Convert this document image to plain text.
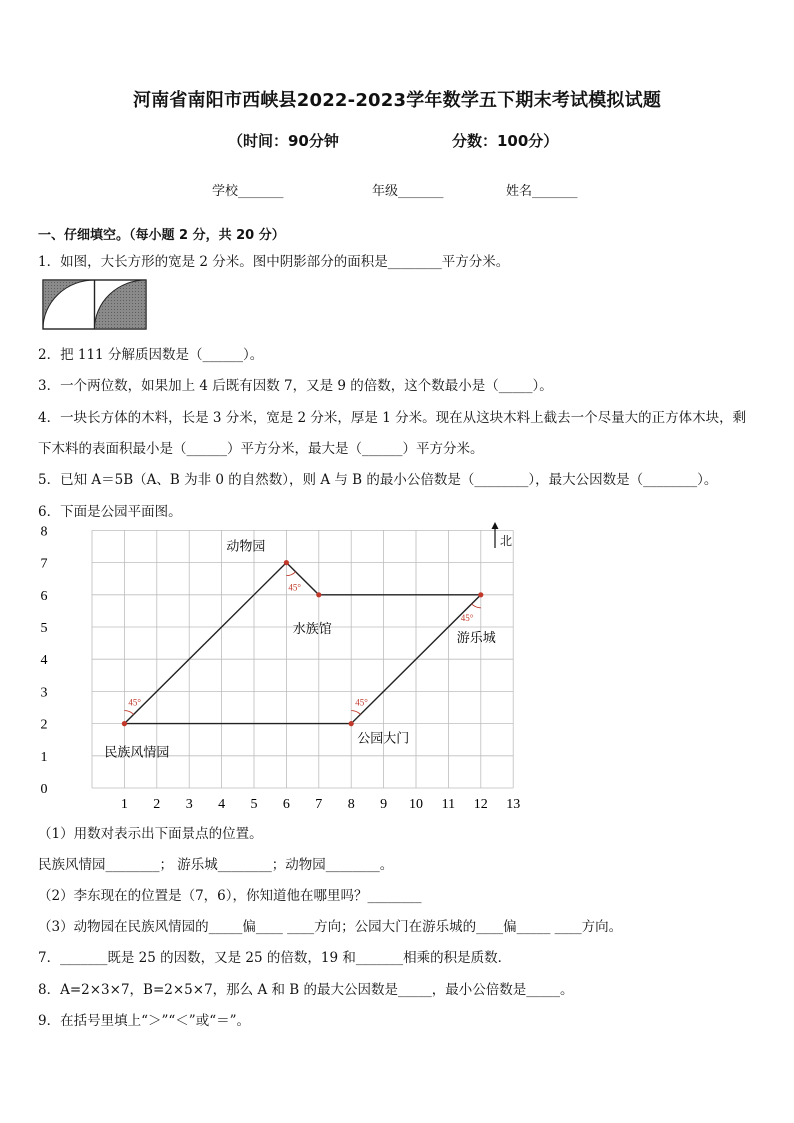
河南省南阳市西峡县2022-2023学年数学五下期末考试模拟试题
（时间：90分钟	分数：100分）
学校_______	年级_______	姓名_______
一、仔细填空。（每小题 2 分，共 20 分）
1．如图，大长方形的宽是 2 分米。图中阴影部分的面积是________平方分米。
2．把 111 分解质因数是（______）。
3．一个两位数，如果加上 4 后既有因数 7，又是 9 的倍数，这个数最小是（_____）。
4．一块长方体的木料，长是 3 分米，宽是 2 分米，厚是 1 分米。现在从这块木料上截去一个尽量大的正方体木块，剩
下木料的表面积最小是（______）平方分米，最大是（______）平方分米。
5．已知 A＝5B（A、B 为非 0 的自然数），则 A 与 B 的最小公倍数是（________），最大公因数是（________）。
6．下面是公园平面图。
1 2 3 4 5 6 7 8 9 10 11 12 13
0
1
2
3
4
5
6
7
8
45°	45°
45°
45°
动物园
水族馆
游乐城
公园大门
民族风情园
北
（1）用数对表示出下面景点的位置。
民族风情园________； 游乐城________；动物园________。
（2）李东现在的位置是（7，6），你知道他在哪里吗？________
（3）动物园在民族风情园的_____偏____ ____方向；公园大门在游乐城的____偏_____ ____方向。
7．_______既是 25 的因数，又是 25 的倍数，19 和_______相乘的积是质数．
8．A=2×3×7，B=2×5×7，那么 A 和 B 的最大公因数是_____，最小公倍数是_____。
9．在括号里填上“＞”“＜”或“＝”。
